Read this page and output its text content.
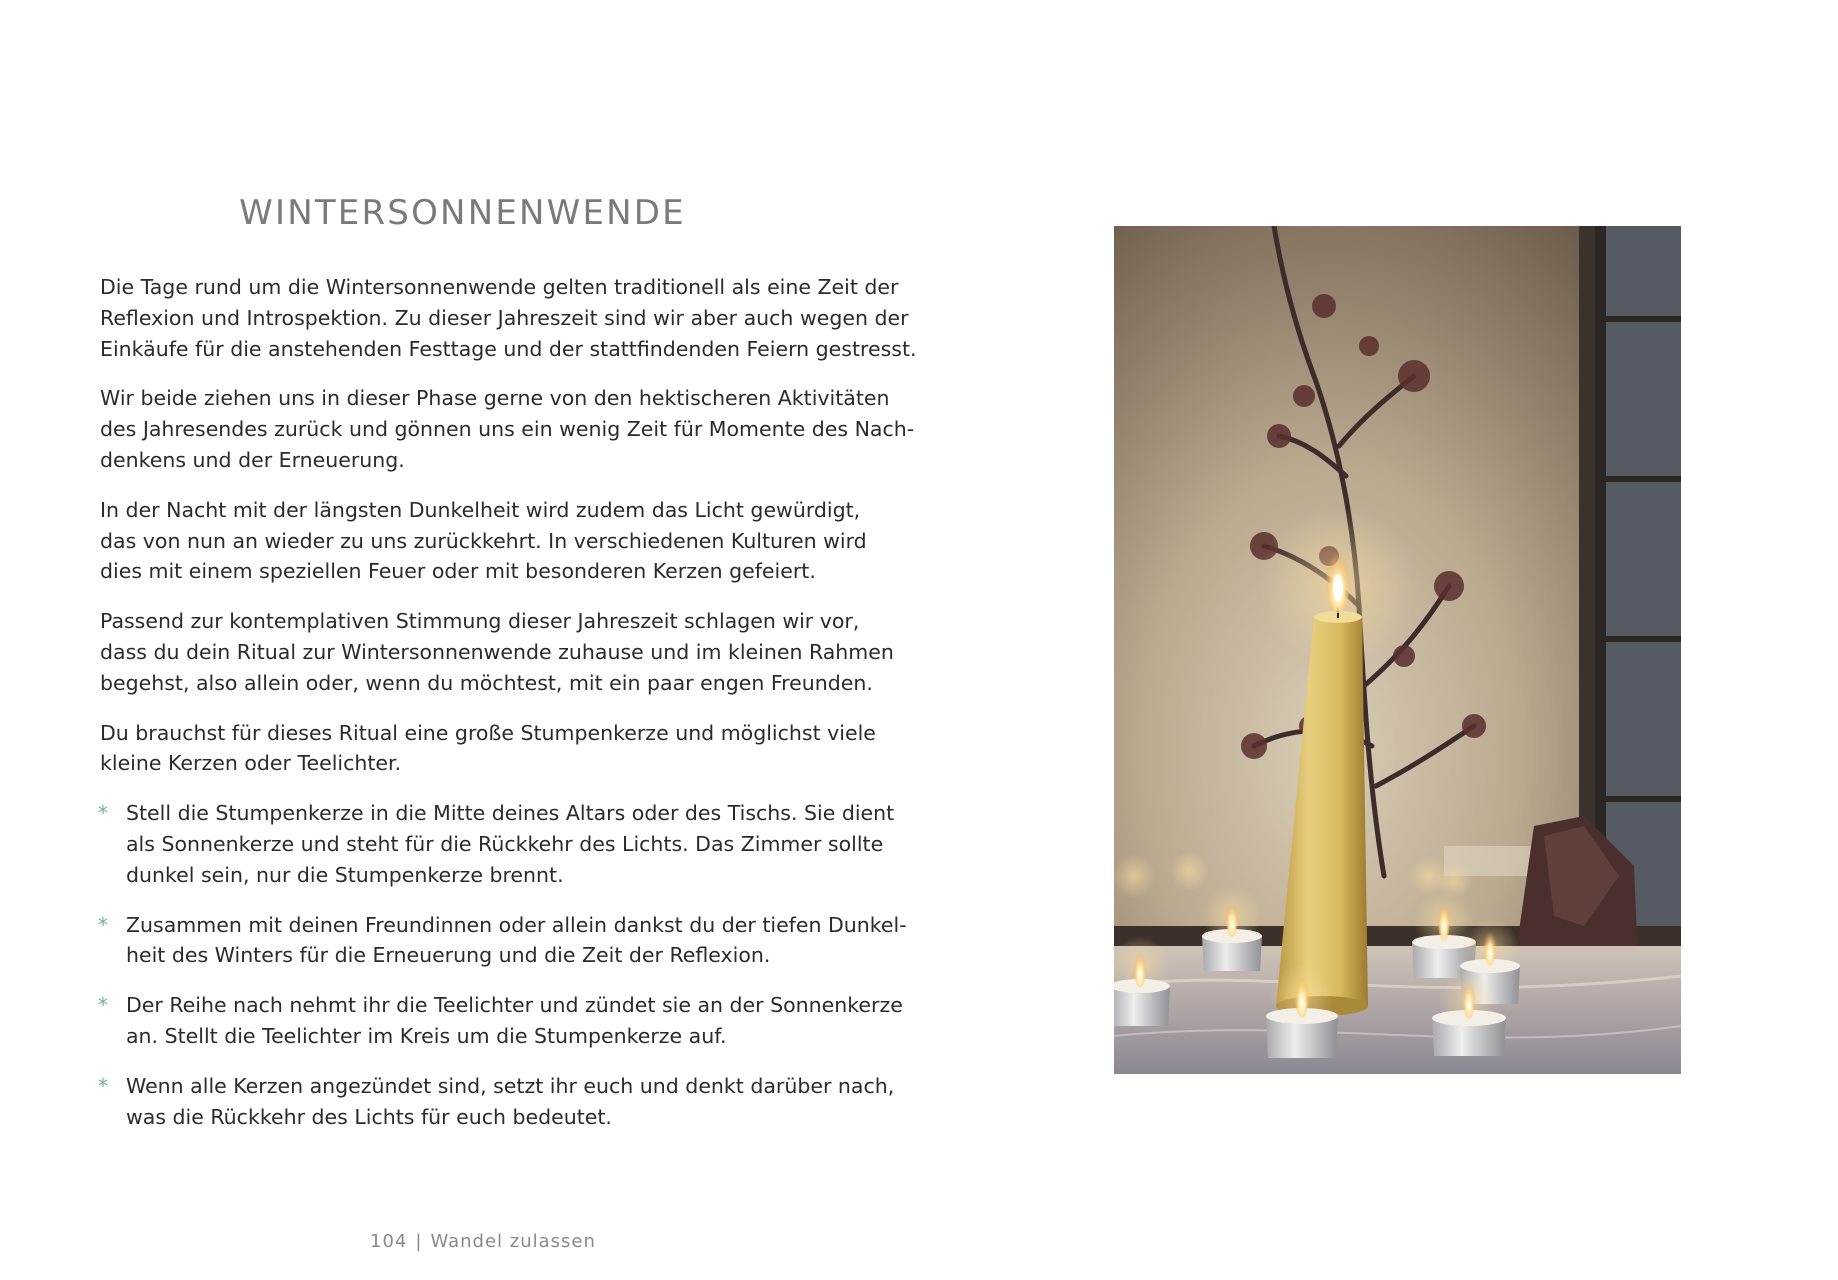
WINTERSONNENWENDE

Die Tage rund um die Wintersonnenwende gelten traditionell als eine Zeit der
Reflexion und Introspektion. Zu dieser Jahreszeit sind wir aber auch wegen der
Einkäufe für die anstehenden Festtage und der stattfindenden Feiern gestresst.

Wir beide ziehen uns in dieser Phase gerne von den hektischeren Aktivitäten
des Jahresendes zurück und gönnen uns ein wenig Zeit für Momente des Nach-
denkens und der Erneuerung.

In der Nacht mit der längsten Dunkelheit wird zudem das Licht gewürdigt,
das von nun an wieder zu uns zurückkehrt. In verschiedenen Kulturen wird
dies mit einem speziellen Feuer oder mit besonderen Kerzen gefeiert.

Passend zur kontemplativen Stimmung dieser Jahreszeit schlagen wir vor,
dass du dein Ritual zur Wintersonnenwende zuhause und im kleinen Rahmen
begehst, also allein oder, wenn du möchtest, mit ein paar engen Freunden.

Du brauchst für dieses Ritual eine große Stumpenkerze und möglichst viele
kleine Kerzen oder Teelichter.

* Stell die Stumpenkerze in die Mitte deines Altars oder des Tischs. Sie dient
als Sonnenkerze und steht für die Rückkehr des Lichts. Das Zimmer sollte
dunkel sein, nur die Stumpenkerze brennt.
* Zusammen mit deinen Freundinnen oder allein dankst du der tiefen Dunkel-
heit des Winters für die Erneuerung und die Zeit der Reflexion.
* Der Reihe nach nehmt ihr die Teelichter und zündet sie an der Sonnenkerze
an. Stellt die Teelichter im Kreis um die Stumpenkerze auf.
* Wenn alle Kerzen angezündet sind, setzt ihr euch und denkt darüber nach,
was die Rückkehr des Lichts für euch bedeutet.
104 | Wandel zulassen
